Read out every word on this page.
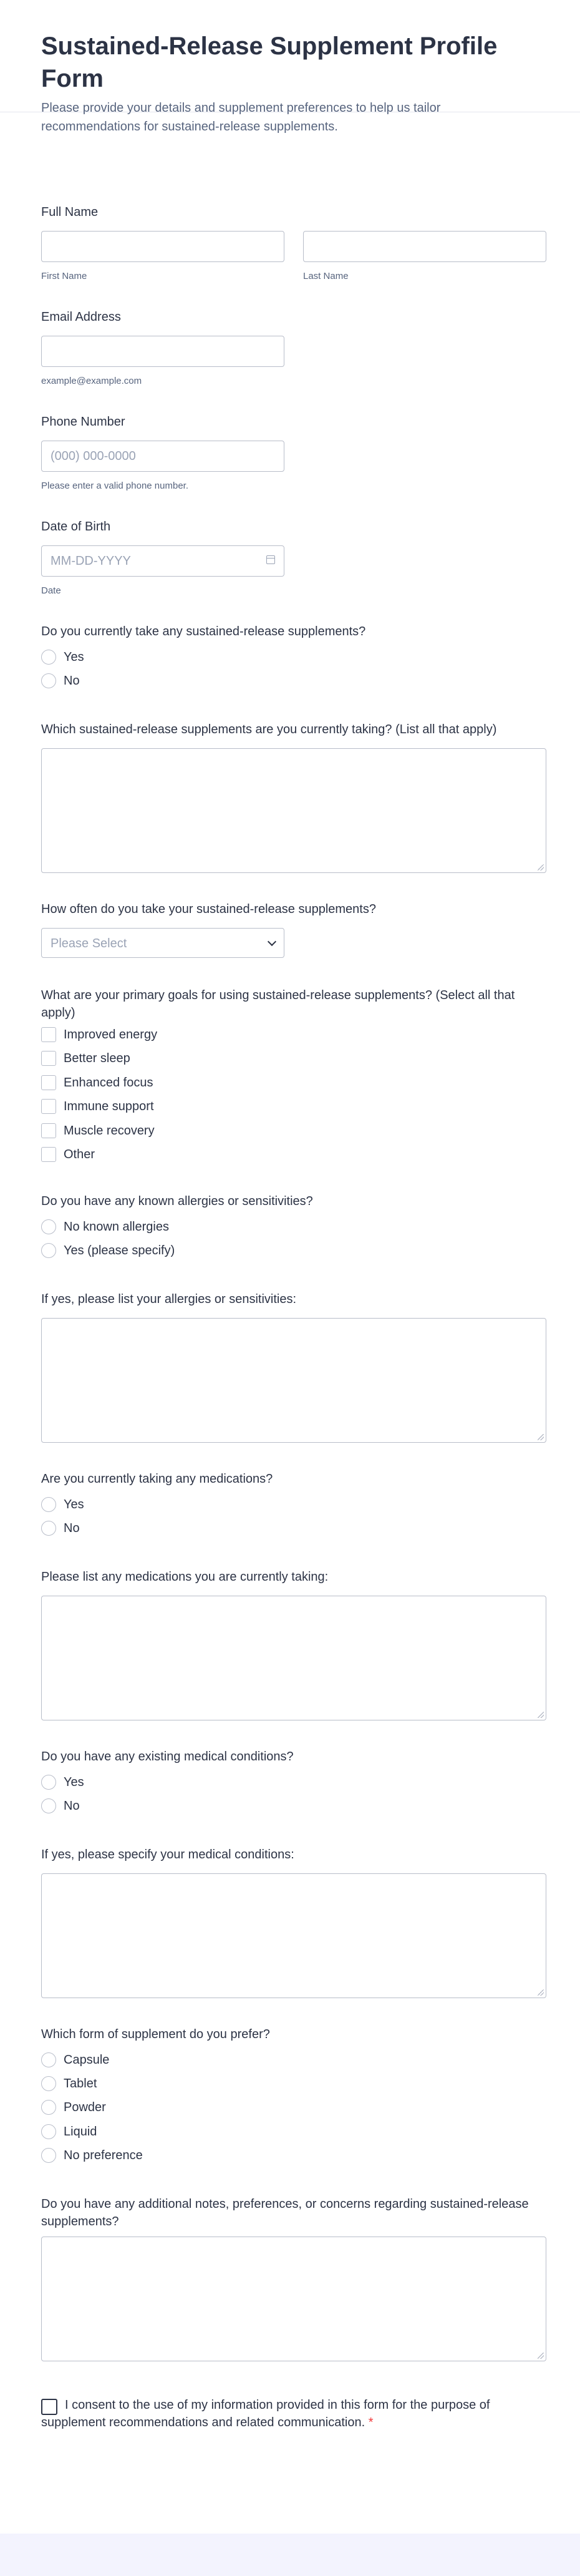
Sustained-Release Supplement Profile Form

Please provide your details and supplement preferences to help us tailor recommendations for sustained-release supplements.

Full Name
First Name	Last Name
Email Address
example@example.com
Phone Number
(000) 000-0000
Please enter a valid phone number.
Date of Birth
MM-DD-YYYY
Date
Do you currently take any sustained-release supplements?
Yes
No
Which sustained-release supplements are you currently taking? (List all that apply)
How often do you take your sustained-release supplements?
Please Select
What are your primary goals for using sustained-release supplements? (Select all that apply)
Improved energy
Better sleep
Enhanced focus
Immune support
Muscle recovery
Other
Do you have any known allergies or sensitivities?
No known allergies
Yes (please specify)
If yes, please list your allergies or sensitivities:
Are you currently taking any medications?
Yes
No
Please list any medications you are currently taking:
Do you have any existing medical conditions?
Yes
No
If yes, please specify your medical conditions:
Which form of supplement do you prefer?
Capsule
Tablet
Powder
Liquid
No preference
Do you have any additional notes, preferences, or concerns regarding sustained-release supplements?
I consent to the use of my information provided in this form for the purpose of supplement recommendations and related communication. *
